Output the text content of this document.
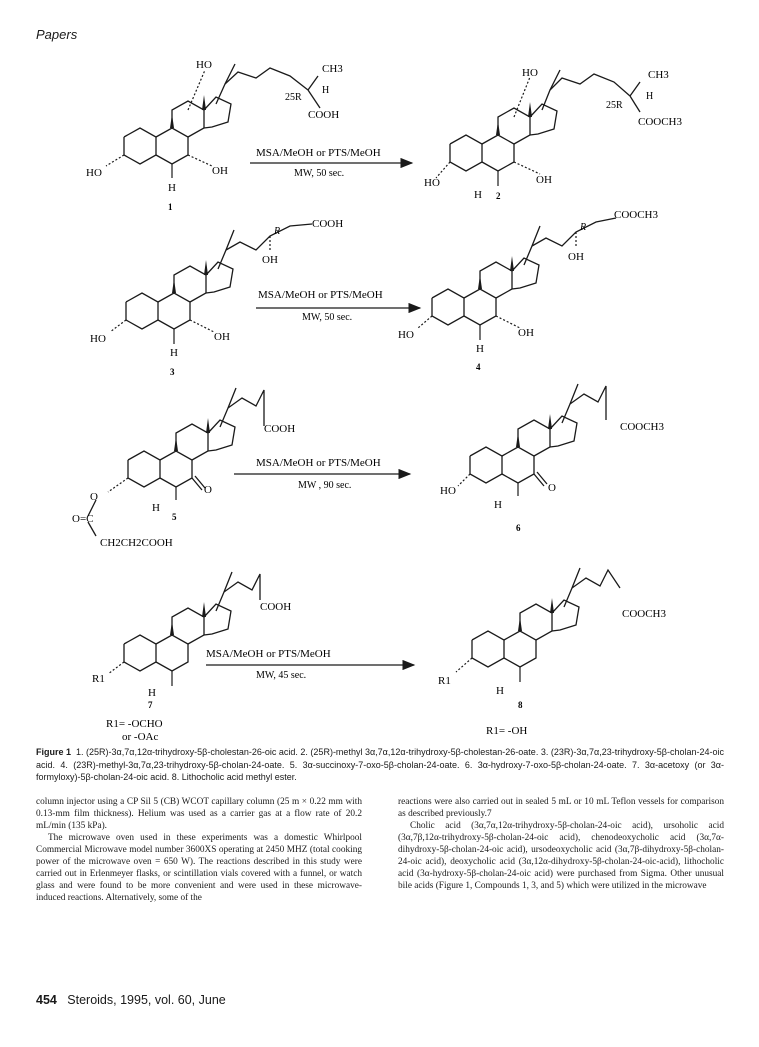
Papers
HO	CH3
H
25R
COOH
HO	OH
H
1
MSA/MeOH or PTS/MeOH
MW, 50 sec.
HO	CH3
H
25R
COOCH3
HO	OH
H 2
R
COOH
OH
HO	OH
H
3
MSA/MeOH or PTS/MeOH
MW, 50 sec.
R
COOCH3
OH
HO	OH
H
4
COOH
O
O
H
5
O=C
CH2CH2COOH
MSA/MeOH or PTS/MeOH
MW , 90 sec.
COOCH3
HO	O
H
6
COOH
R1
H
7
R1= -OCHO
or -OAc
MSA/MeOH or PTS/MeOH
MW, 45 sec.
COOCH3
R1
H
8
R1= -OH
Figure 1 1. (25R)-3α,7α,12α-trihydroxy-5β-cholestan-26-oic acid. 2. (25R)-methyl 3α,7α,12α-trihydroxy-5β-cholestan-26-oate. 3. (23R)-3α,7α,23-trihydroxy-5β-cholan-24-oic acid. 4. (23R)-methyl-3α,7α,23-trihydroxy-5β-cholan-24-oate. 5. 3α-succinoxy-7-oxo-5β-cholan-24-oate. 6. 3α-hydroxy-7-oxo-5β-cholan-24-oate. 7. 3α-acetoxy (or 3α-formyloxy)-5β-cholan-24-oic acid. 8. Lithocholic acid methyl ester.

column injector using a CP Sil 5 (CB) WCOT capillary column (25 m × 0.22 mm with 0.13-mm film thickness). Helium was used as a carrier gas at a flow rate of 20.2 mL/min (135 kPa).

The microwave oven used in these experiments was a domestic Whirlpool Commercial Microwave model number 3600XS operating at 2450 MHZ (total cooking power of the microwave oven = 650 W). The reactions described in this study were carried out in Erlenmeyer flasks, or scintillation vials covered with a funnel, or watch glass and were found to be more convenient and were used in these microwave-induced reactions. Alternatively, some of the

reactions were also carried out in sealed 5 mL or 10 mL Teflon vessels for comparison as described previously.7

Cholic acid (3α,7α,12α-trihydroxy-5β-cholan-24-oic acid), ursoholic acid (3α,7β,12α-trihydroxy-5β-cholan-24-oic acid), chenodeoxycholic acid (3α,7α-dihydroxy-5β-cholan-24-oic acid), ursodeoxycholic acid (3α,7β-dihydroxy-5β-cholan-24-oic acid), deoxycholic acid (3α,12α-dihydroxy-5β-cholan-24-oic-acid), lithocholic acid (3α-hydroxy-5β-cholan-24-oic acid) were purchased from Sigma. Other unusual bile acids (Figure 1, Compounds 1, 3, and 5) which were utilized in the microwave

454 Steroids, 1995, vol. 60, June
